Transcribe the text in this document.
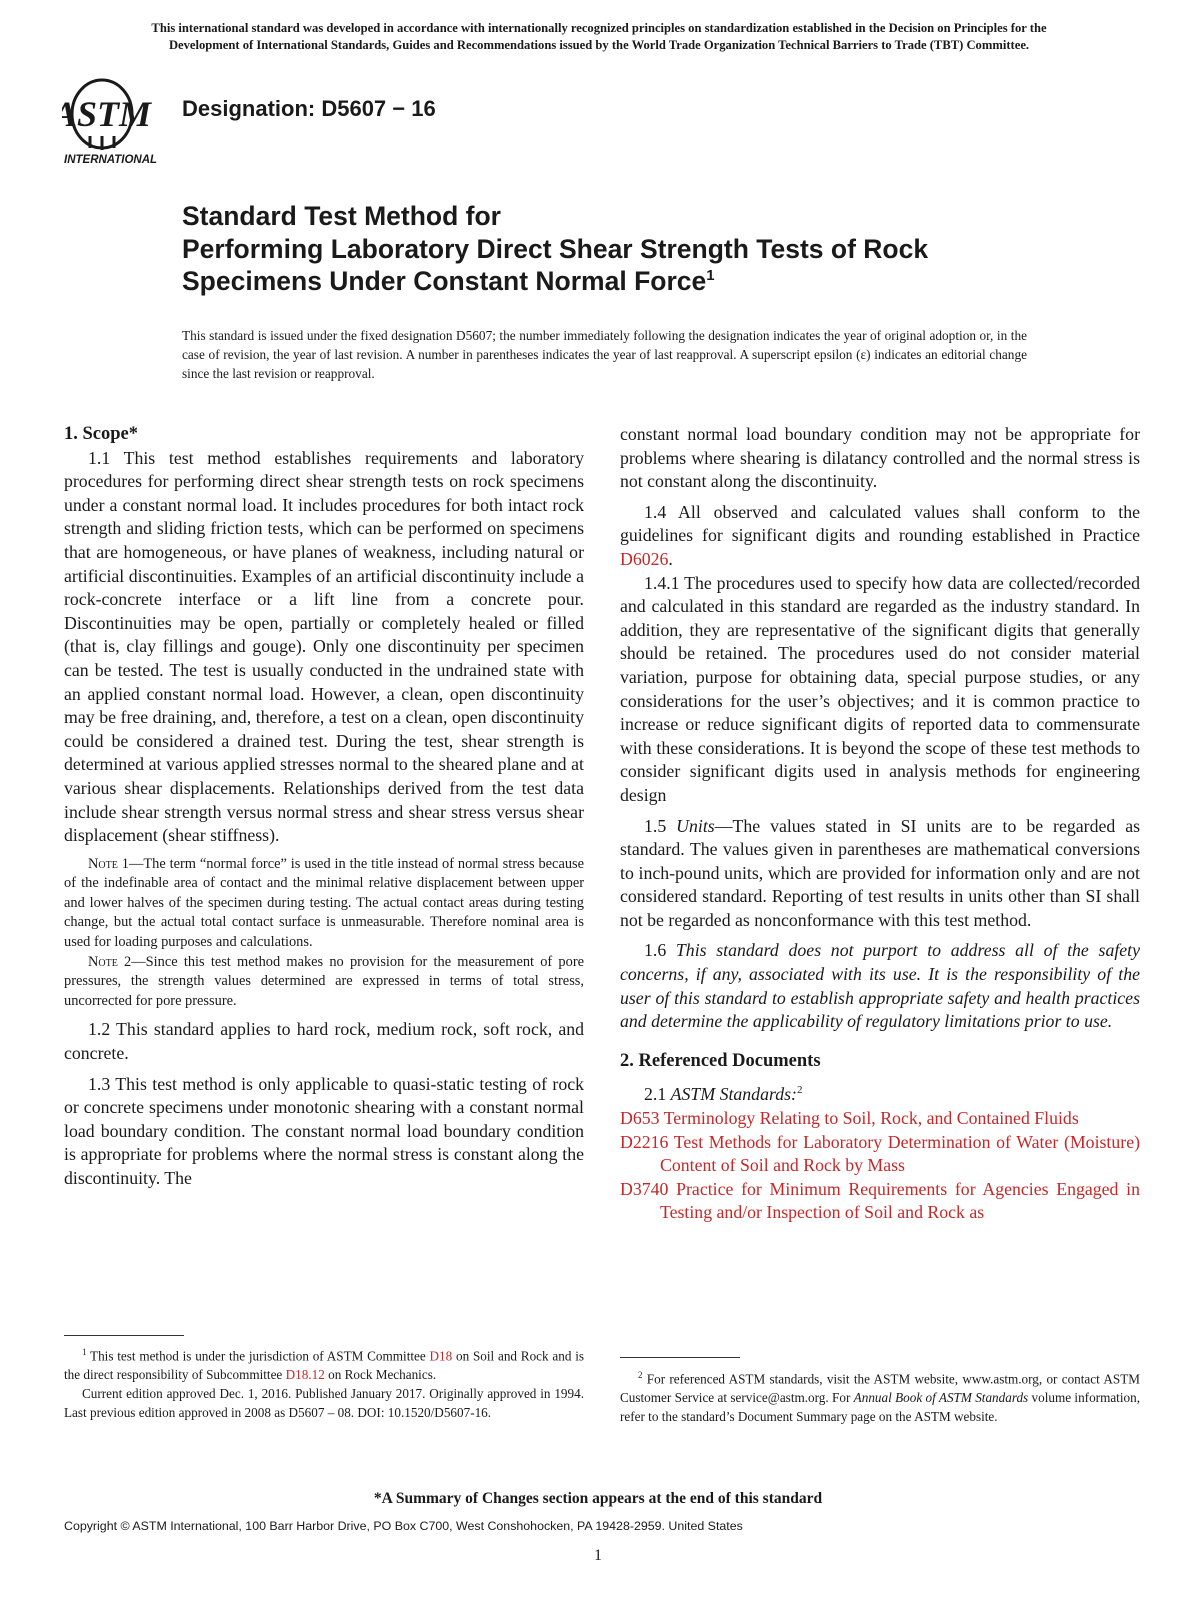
This international standard was developed in accordance with internationally recognized principles on standardization established in the Decision on Principles for the
Development of International Standards, Guides and Recommendations issued by the World Trade Organization Technical Barriers to Trade (TBT) Committee.
ASTM
INTERNATIONAL
Designation: D5607 − 16
Standard Test Method for
Performing Laboratory Direct Shear Strength Tests of Rock
Specimens Under Constant Normal Force$^1$
This standard is issued under the fixed designation D5607; the number immediately following the designation indicates the year of original adoption or, in the case of revision, the year of last revision. A number in parentheses indicates the year of last reapproval. A superscript epsilon (ε) indicates an editorial change since the last revision or reapproval.

1. Scope*

1.1 This test method establishes requirements and laboratory procedures for performing direct shear strength tests on rock specimens under a constant normal load. It includes procedures for both intact rock strength and sliding friction tests, which can be performed on specimens that are homogeneous, or have planes of weakness, including natural or artificial discontinuities. Examples of an artificial discontinuity include a rock-concrete interface or a lift line from a concrete pour. Discontinuities may be open, partially or completely healed or filled (that is, clay fillings and gouge). Only one discontinuity per specimen can be tested. The test is usually conducted in the undrained state with an applied constant normal load. However, a clean, open discontinuity may be free draining, and, therefore, a test on a clean, open discontinuity could be considered a drained test. During the test, shear strength is determined at various applied stresses normal to the sheared plane and at various shear displacements. Relationships derived from the test data include shear strength versus normal stress and shear stress versus shear displacement (shear stiffness).

Note 1—The term “normal force” is used in the title instead of normal stress because of the indefinable area of contact and the minimal relative displacement between upper and lower halves of the specimen during testing. The actual contact areas during testing change, but the actual total contact surface is unmeasurable. Therefore nominal area is used for loading purposes and calculations.

Note 2—Since this test method makes no provision for the measurement of pore pressures, the strength values determined are expressed in terms of total stress, uncorrected for pore pressure.

1.2 This standard applies to hard rock, medium rock, soft rock, and concrete.

1.3 This test method is only applicable to quasi-static testing of rock or concrete specimens under monotonic shearing with a constant normal load boundary condition. The constant normal load boundary condition is appropriate for problems where the normal stress is constant along the discontinuity. The

constant normal load boundary condition may not be appropriate for problems where shearing is dilatancy controlled and the normal stress is not constant along the discontinuity.

1.4 All observed and calculated values shall conform to the guidelines for significant digits and rounding established in Practice D6026.

1.4.1 The procedures used to specify how data are collected/recorded and calculated in this standard are regarded as the industry standard. In addition, they are representative of the significant digits that generally should be retained. The procedures used do not consider material variation, purpose for obtaining data, special purpose studies, or any considerations for the user’s objectives; and it is common practice to increase or reduce significant digits of reported data to commensurate with these considerations. It is beyond the scope of these test methods to consider significant digits used in analysis methods for engineering design

1.5 Units—The values stated in SI units are to be regarded as standard. The values given in parentheses are mathematical conversions to inch-pound units, which are provided for information only and are not considered standard. Reporting of test results in units other than SI shall not be regarded as nonconformance with this test method.

1.6 This standard does not purport to address all of the safety concerns, if any, associated with its use. It is the responsibility of the user of this standard to establish appropriate safety and health practices and determine the applicability of regulatory limitations prior to use.

2. Referenced Documents

2.1 ASTM Standards:$^2$

D653 Terminology Relating to Soil, Rock, and Contained Fluids

D2216 Test Methods for Laboratory Determination of Water (Moisture) Content of Soil and Rock by Mass

D3740 Practice for Minimum Requirements for Agencies Engaged in Testing and/or Inspection of Soil and Rock as

$^1$ This test method is under the jurisdiction of ASTM Committee D18 on Soil and Rock and is the direct responsibility of Subcommittee D18.12 on Rock Mechanics.

Current edition approved Dec. 1, 2016. Published January 2017. Originally approved in 1994. Last previous edition approved in 2008 as D5607 – 08. DOI: 10.1520/D5607-16.

$^2$ For referenced ASTM standards, visit the ASTM website, www.astm.org, or contact ASTM Customer Service at service@astm.org. For Annual Book of ASTM Standards volume information, refer to the standard’s Document Summary page on the ASTM website.

*A Summary of Changes section appears at the end of this standard
Copyright © ASTM International, 100 Barr Harbor Drive, PO Box C700, West Conshohocken, PA 19428-2959. United States
1
